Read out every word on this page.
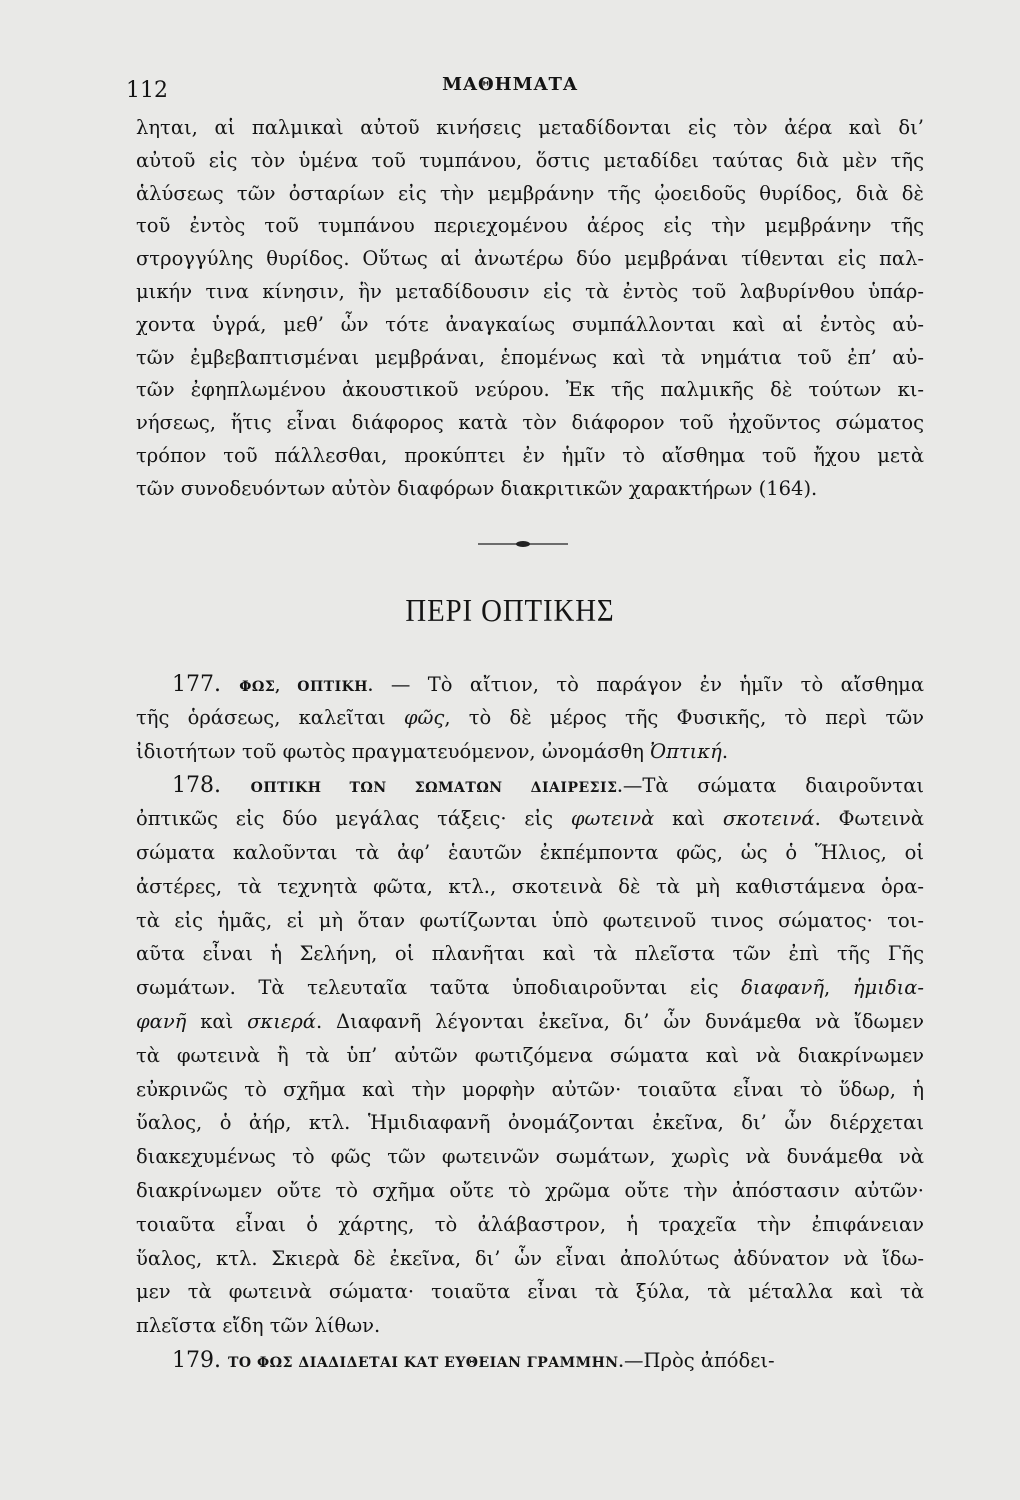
112	ΜΑΘΗΜΑΤΑ
ληται, αἱ παλμικαὶ αὐτοῦ κινήσεις μεταδίδονται εἰς τὸν ἀέρα καὶ δι’
αὐτοῦ εἰς τὸν ὑμένα τοῦ τυμπάνου, ὅστις μεταδίδει ταύτας διὰ μὲν τῆς
ἁλύσεως τῶν ὀσταρίων εἰς τὴν μεμβράνην τῆς ᾠοειδοῦς θυρίδος, διὰ δὲ
τοῦ ἐντὸς τοῦ τυμπάνου περιεχομένου ἀέρος εἰς τὴν μεμβράνην τῆς
στρογγύλης θυρίδος. Οὕτως αἱ ἀνωτέρω δύο μεμβράναι τίθενται εἰς παλ-
μικήν τινα κίνησιν, ἣν μεταδίδουσιν εἰς τὰ ἐντὸς τοῦ λαβυρίνθου ὑπάρ-
χοντα ὑγρά, μεθ’ ὧν τότε ἀναγκαίως συμπάλλονται καὶ αἱ ἐντὸς αὐ-
τῶν ἐμβεβαπτισμέναι μεμβράναι, ἑπομένως καὶ τὰ νημάτια τοῦ ἐπ’ αὐ-
τῶν ἐφηπλωμένου ἀκουστικοῦ νεύρου. Ἐκ τῆς παλμικῆς δὲ τούτων κι-
νήσεως, ἥτις εἶναι διάφορος κατὰ τὸν διάφορον τοῦ ἠχοῦντος σώματος
τρόπον τοῦ πάλλεσθαι, προκύπτει ἐν ἡμῖν τὸ αἴσθημα τοῦ ἤχου μετὰ
τῶν συνοδευόντων αὐτὸν διαφόρων διακριτικῶν χαρακτήρων (164).
ΠΕΡΙ ΟΠΤΙΚΗΣ
177. ΦΩΣ, ΟΠΤΙΚΗ. — Τὸ αἴτιον, τὸ παράγον ἐν ἡμῖν τὸ αἴσθημα
τῆς ὁράσεως, καλεῖται φῶς, τὸ δὲ μέρος τῆς Φυσικῆς, τὸ περὶ τῶν
ἰδιοτήτων τοῦ φωτὸς πραγματευόμενον, ὠνομάσθη Ὀπτική.
178. ΟΠΤΙΚΗ ΤΩΝ ΣΩΜΑΤΩΝ ΔΙΑΙΡΕΣΙΣ.—Τὰ σώματα διαιροῦνται
ὀπτικῶς εἰς δύο μεγάλας τάξεις· εἰς φωτεινὰ καὶ σκοτεινά. Φωτεινὰ
σώματα καλοῦνται τὰ ἀφ’ ἑαυτῶν ἐκπέμποντα φῶς, ὡς ὁ Ἥλιος, οἱ
ἀστέρες, τὰ τεχνητὰ φῶτα, κτλ., σκοτεινὰ δὲ τὰ μὴ καθιστάμενα ὁρα-
τὰ εἰς ἡμᾶς, εἰ μὴ ὅταν φωτίζωνται ὑπὸ φωτεινοῦ τινος σώματος· τοι-
αῦτα εἶναι ἡ Σελήνη, οἱ πλανῆται καὶ τὰ πλεῖστα τῶν ἐπὶ τῆς Γῆς
σωμάτων. Τὰ τελευταῖα ταῦτα ὑποδιαιροῦνται εἰς διαφανῆ, ἡμιδια-
φανῆ καὶ σκιερά. Διαφανῆ λέγονται ἐκεῖνα, δι’ ὧν δυνάμεθα νὰ ἴδωμεν
τὰ φωτεινὰ ἢ τὰ ὑπ’ αὐτῶν φωτιζόμενα σώματα καὶ νὰ διακρίνωμεν
εὐκρινῶς τὸ σχῆμα καὶ τὴν μορφὴν αὐτῶν· τοιαῦτα εἶναι τὸ ὕδωρ, ἡ
ὕαλος, ὁ ἀήρ, κτλ. Ἡμιδιαφανῆ ὀνομάζονται ἐκεῖνα, δι’ ὧν διέρχεται
διακεχυμένως τὸ φῶς τῶν φωτεινῶν σωμάτων, χωρὶς νὰ δυνάμεθα νὰ
διακρίνωμεν οὔτε τὸ σχῆμα οὔτε τὸ χρῶμα οὔτε τὴν ἀπόστασιν αὐτῶν·
τοιαῦτα εἶναι ὁ χάρτης, τὸ ἀλάβαστρον, ἡ τραχεῖα τὴν ἐπιφάνειαν
ὕαλος, κτλ. Σκιερὰ δὲ ἐκεῖνα, δι’ ὧν εἶναι ἀπολύτως ἀδύνατον νὰ ἴδω-
μεν τὰ φωτεινὰ σώματα· τοιαῦτα εἶναι τὰ ξύλα, τὰ μέταλλα καὶ τὰ
πλεῖστα εἴδη τῶν λίθων.
179. ΤΟ ΦΩΣ ΔΙΑΔΙΔΕΤΑΙ ΚΑΤ ΕΥΘΕΙΑΝ ΓΡΑΜΜΗΝ.—Πρὸς ἀπόδει-
